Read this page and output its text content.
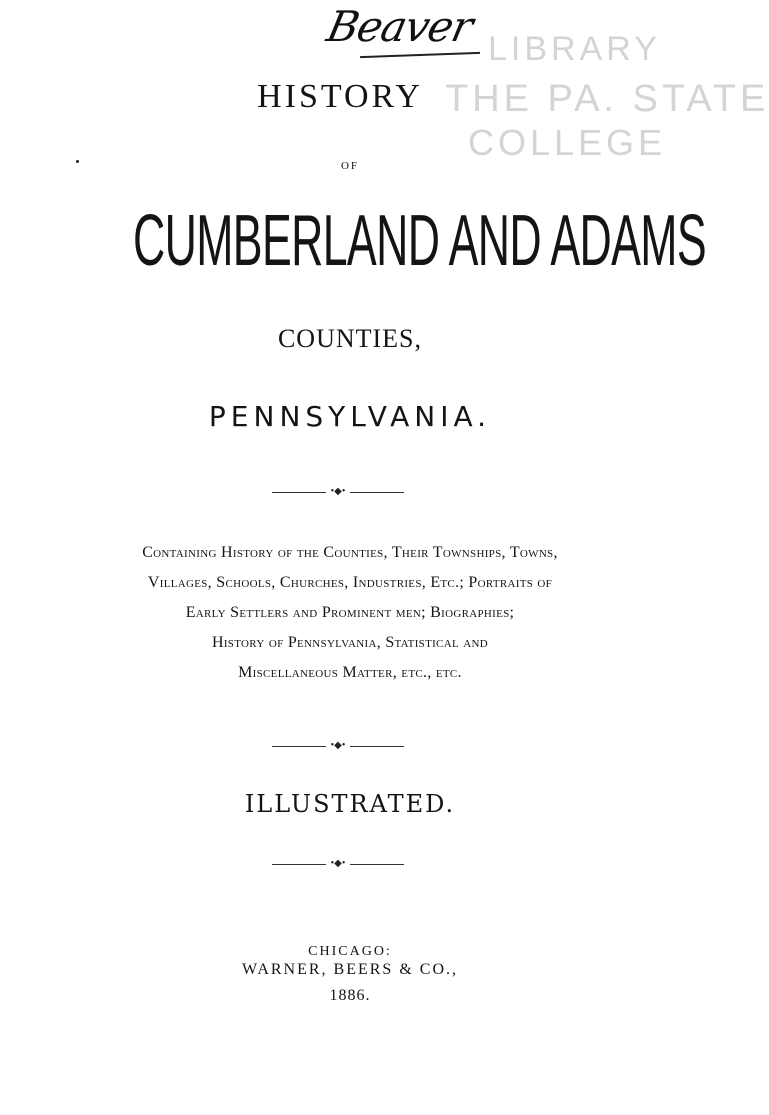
Beaver LIBRARY
THE PA. STATE
COLLEGE
HISTORY
OF
CUMBERLAND AND ADAMS
COUNTIES,
PENNSYLVANIA.
•◆•
Containing History of the Counties, Their Townships, Towns,
Villages, Schools, Churches, Industries, Etc.; Portraits of
Early Settlers and Prominent men; Biographies;
History of Pennsylvania, Statistical and
Miscellaneous Matter, etc., etc.
•◆•
ILLUSTRATED.
•◆•
CHICAGO:
WARNER, BEERS & CO.,
1886.
